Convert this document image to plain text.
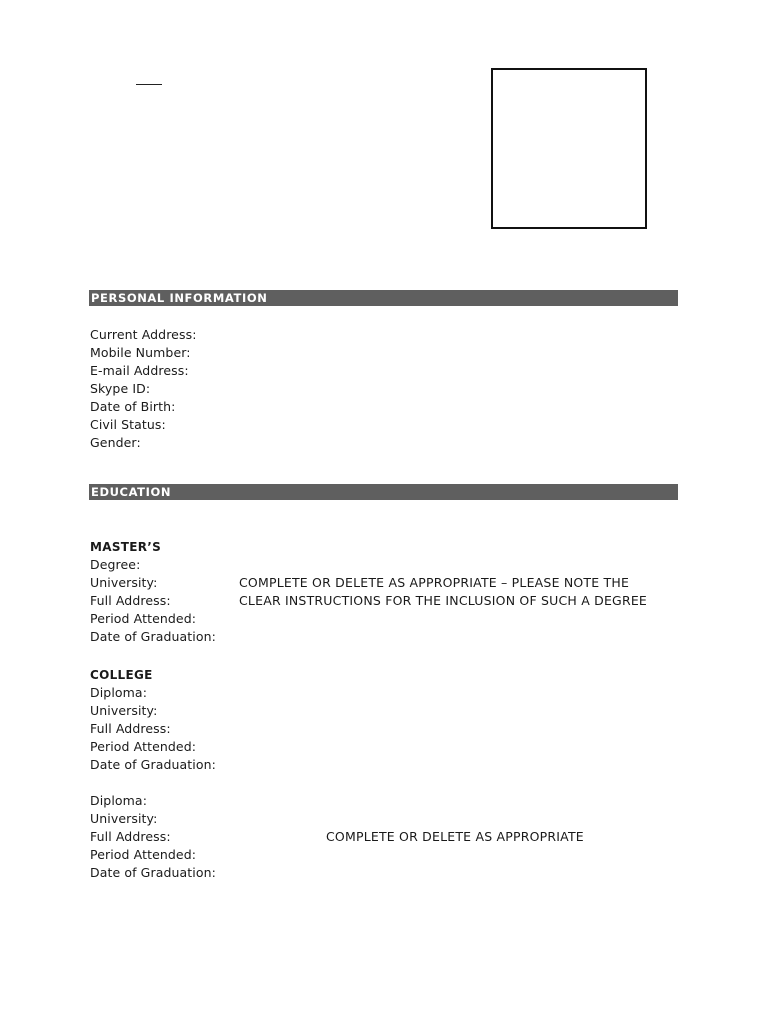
PERSONAL INFORMATION
Current Address:
Mobile Number:
E-mail Address:
Skype ID:
Date of Birth:
Civil Status:
Gender:
EDUCATION
MASTER’S
Degree:
University:
Full Address:
Period Attended:
Date of Graduation:
COMPLETE OR DELETE AS APPROPRIATE – PLEASE NOTE THE
CLEAR INSTRUCTIONS FOR THE INCLUSION OF SUCH A DEGREE
COLLEGE
Diploma:
University:
Full Address:
Period Attended:
Date of Graduation:
Diploma:
University:
Full Address:
Period Attended:
Date of Graduation:
COMPLETE OR DELETE AS APPROPRIATE
